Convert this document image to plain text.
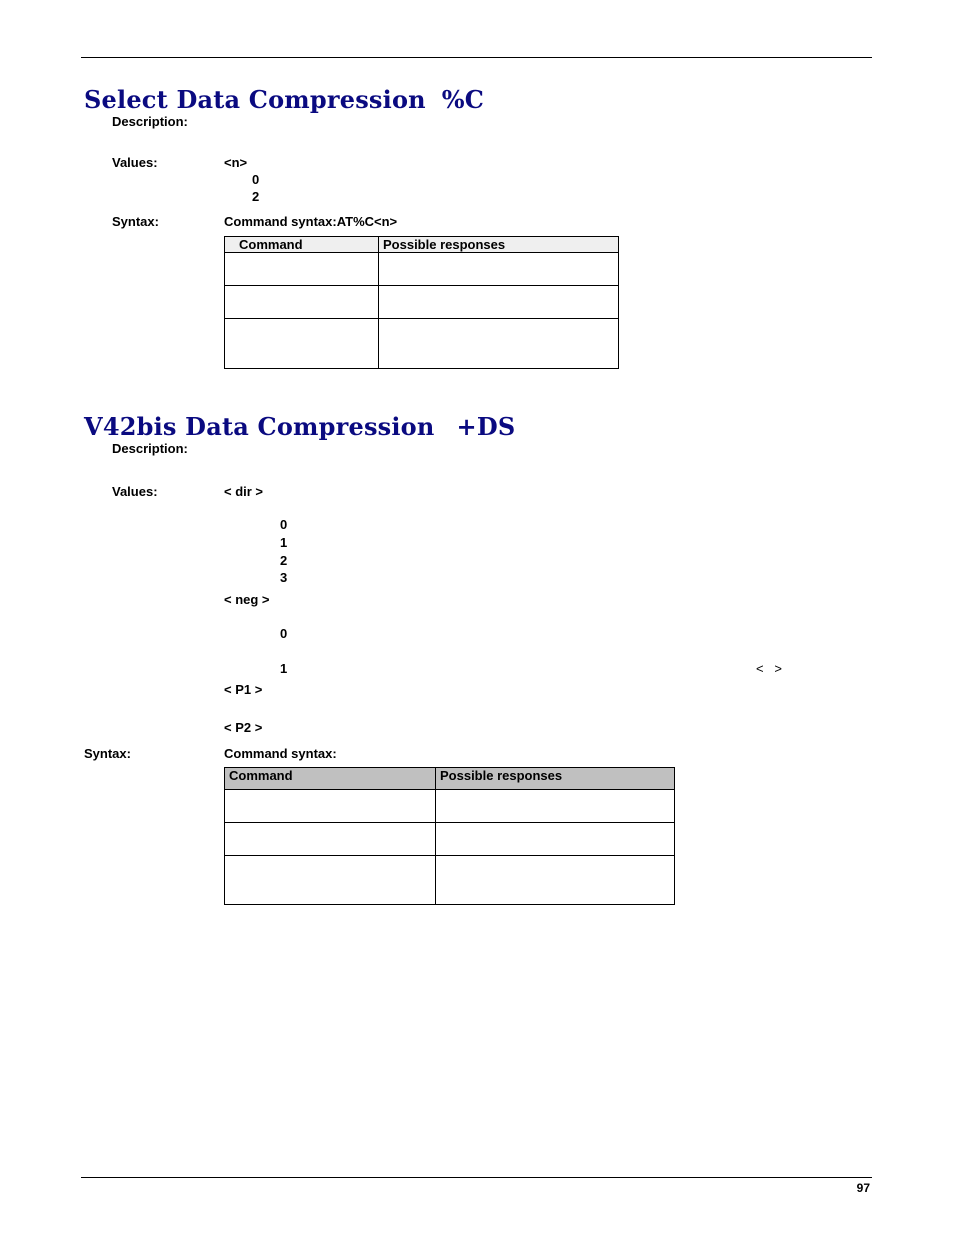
Select Data Compression %C
Description:
Values:	<n>
0
2
Syntax:	Command syntax:AT%C<n>
Command	Possible responses

V42bis Data Compression +DS
Description:
Values:	< dir >
0
1
2
3
< neg >
0
1	<   >
< P1 >
< P2 >
Syntax:	Command syntax:
Command	Possible responses

97
